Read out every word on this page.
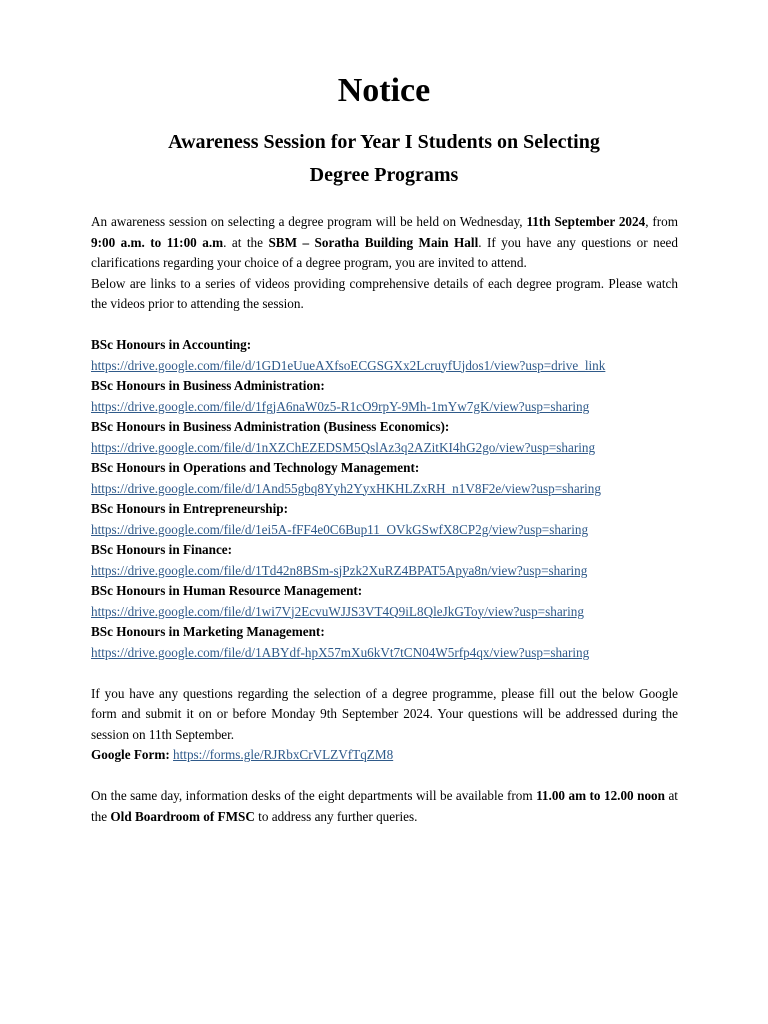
Notice
Awareness Session for Year I Students on Selecting
Degree Programs

An awareness session on selecting a degree program will be held on Wednesday, 11th September 2024, from 9:00 a.m. to 11:00 a.m. at the SBM – Soratha Building Main Hall. If you have any questions or need clarifications regarding your choice of a degree program, you are invited to attend.

Below are links to a series of videos providing comprehensive details of each degree program. Please watch the videos prior to attending the session.

BSc Honours in Accounting:

https://drive.google.com/file/d/1GD1eUueAXfsoECGSGXx2LcruyfUjdos1/view?usp=drive_link

BSc Honours in Business Administration:

https://drive.google.com/file/d/1fgjA6naW0z5-R1cO9rpY-9Mh-1mYw7gK/view?usp=sharing

BSc Honours in Business Administration (Business Economics):

https://drive.google.com/file/d/1nXZChEZEDSM5QslAz3q2AZitKI4hG2go/view?usp=sharing

BSc Honours in Operations and Technology Management:

https://drive.google.com/file/d/1And55gbq8Yyh2YyxHKHLZxRH_n1V8F2e/view?usp=sharing

BSc Honours in Entrepreneurship:

https://drive.google.com/file/d/1ei5A-fFF4e0C6Bup11_OVkGSwfX8CP2g/view?usp=sharing

BSc Honours in Finance:

https://drive.google.com/file/d/1Td42n8BSm-sjPzk2XuRZ4BPAT5Apya8n/view?usp=sharing

BSc Honours in Human Resource Management:

https://drive.google.com/file/d/1wi7Vj2EcvuWJJS3VT4Q9iL8QleJkGToy/view?usp=sharing

BSc Honours in Marketing Management:

https://drive.google.com/file/d/1ABYdf-hpX57mXu6kVt7tCN04W5rfp4qx/view?usp=sharing

If you have any questions regarding the selection of a degree programme, please fill out the below Google form and submit it on or before Monday 9th September 2024. Your questions will be addressed during the session on 11th September.

Google Form: https://forms.gle/RJRbxCrVLZVfTqZM8

On the same day, information desks of the eight departments will be available from 11.00 am to 12.00 noon at the Old Boardroom of FMSC to address any further queries.
